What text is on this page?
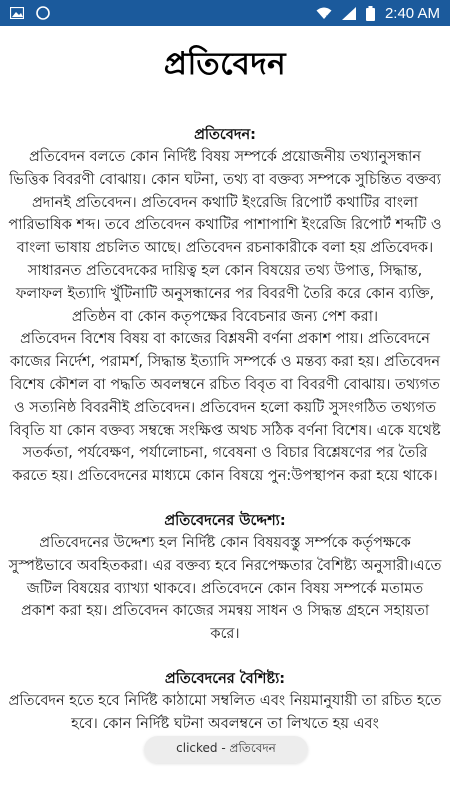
x	2:40 AM
প্রতিবেদন
প্রতিবেদন:

প্রতিবেদন বলতে কোন নির্দিষ্ট বিষয় সম্পর্কে প্রয়োজনীয় তথ্যানুসন্ধান ভিত্তিক বিবরণী বোঝায়। কোন ঘটনা, তথ্য বা বক্তব্য সম্পকে সুচিন্তিত বক্তব্য প্রদানই প্রতিবেদন। প্রতিবেদন কথাটি ইংরেজি রিপোর্ট কথাটির বাংলা পারিভাষিক শব্দ। তবে প্রতিবেদন কথাটির পাশাপাশি ইংরেজি রিপোর্ট শব্দটি ও বাংলা ভাষায় প্রচলিত আছে। প্রতিবেদন রচনাকারীকে বলা হয় প্রতিবেদক। সাধারনত প্রতিবেদকের দায়িত্ব হল কোন বিষয়ের তথ্য উপাত্ত, সিদ্ধান্ত, ফলাফল ইত্যাদি খুঁটিনাটি অনুসন্ধানের পর বিবরণী তৈরি করে কোন ব্যক্তি, প্রতিষ্ঠন বা কোন কতৃপক্ষের বিবেচনার জন্য পেশ করা।

প্রতিবেদন বিশেষ বিষয় বা কাজের বিশ্লষনী বর্ণনা প্রকাশ পায়। প্রতিবেদনে কাজের নির্দেশ, পরামর্শ, সিদ্ধান্ত ইত্যাদি সম্পর্কে ও মন্তব্য করা হয়। প্রতিবেদন বিশেষ কৌশল বা পদ্ধতি অবলম্বনে রচিত বিবৃত বা বিবরণী বোঝায়। তথ্যগত ও সত্যনিষ্ঠ বিবরনীই প্রতিবেদন। প্রতিবেদন হলো কয়টি সুসংগঠিত তথ্যগত বিবৃতি যা কোন বক্তব্য সম্বন্ধে সংক্ষিপ্ত অথচ সঠিক বর্ণনা বিশেষ। একে যথেষ্ট সতর্কতা, পর্যবেক্ষণ, পর্যালোচনা, গবেষনা ও বিচার বিশ্লেষণের পর তৈরি করতে হয়। প্রতিবেদনের মাধ্যমে কোন বিষয়ে পুন:উপস্থাপন করা হয়ে থাকে।

প্রতিবেদনের উদ্দেশ্য:

প্রতিবেদনের উদ্দেশ্য হল নির্দিষ্ট কোন বিষয়বস্তু সর্ম্পকে কর্তৃপক্ষকে সুস্পষ্টভাবে অবহিতকরা। এর বক্তব্য হবে নিরপেক্ষতার বৈশিষ্ট্য অনুসারী।এতে জটিল বিষয়ের ব্যাখ্যা থাকবে। প্রতিবেদনে কোন বিষয় সম্পর্কে মতামত প্রকাশ করা হয়। প্রতিবেদন কাজের সমন্বয় সাধন ও সিদ্ধন্ত গ্রহনে সহায়তা করে।

প্রতিবেদনের বৈশিষ্ট্য:

প্রতিবেদন হতে হবে নির্দিষ্ট কাঠামো সম্বলিত এবং নিয়মানুযায়ী তা রচিত হতে হবে। কোন নির্দিষ্ট ঘটনা অবলম্বনে তা লিখতে হয় এবং

clicked - প্রতিবেদন
